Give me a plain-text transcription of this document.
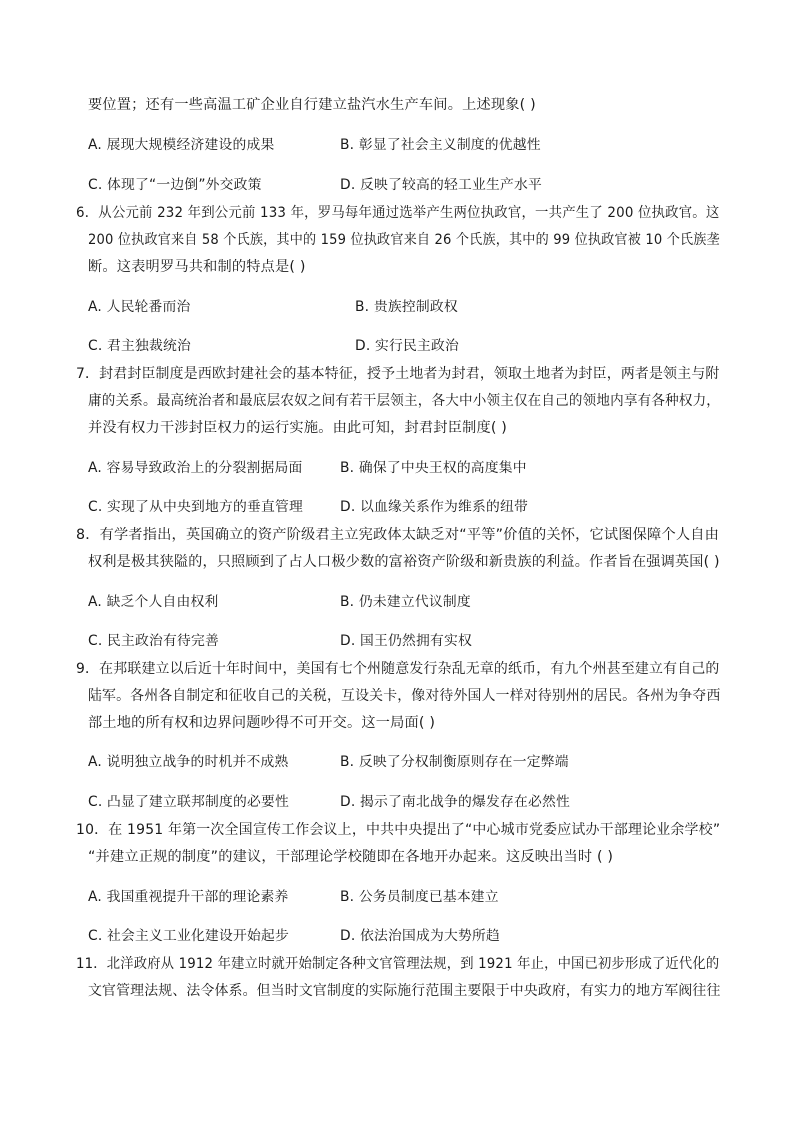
要位置；还有一些高温工矿企业自行建立盐汽水生产车间。上述现象( )
A. 展现大规模经济建设的成果	B. 彰显了社会主义制度的优越性
C. 体现了“一边倒”外交政策	D. 反映了较高的轻工业生产水平
6．从公元前 232 年到公元前 133 年，罗马每年通过选举产生两位执政官，一共产生了 200 位执政官。这
200 位执政官来自 58 个氏族，其中的 159 位执政官来自 26 个氏族，其中的 99 位执政官被 10 个氏族垄
断。这表明罗马共和制的特点是( )
A. 人民轮番而治	B. 贵族控制政权
C. 君主独裁统治	D. 实行民主政治
7．封君封臣制度是西欧封建社会的基本特征，授予土地者为封君，领取土地者为封臣，两者是领主与附
庸的关系。最高统治者和最底层农奴之间有若干层领主，各大中小领主仅在自己的领地内享有各种权力，
并没有权力干涉封臣权力的运行实施。由此可知，封君封臣制度( )
A. 容易导致政治上的分裂割据局面	B. 确保了中央王权的高度集中
C. 实现了从中央到地方的垂直管理	D. 以血缘关系作为维系的纽带
8．有学者指出，英国确立的资产阶级君主立宪政体太缺乏对“平等”价值的关怀，它试图保障个人自由
权利是极其狭隘的，只照顾到了占人口极少数的富裕资产阶级和新贵族的利益。作者旨在强调英国( )
A. 缺乏个人自由权利	B. 仍未建立代议制度
C. 民主政治有待完善	D. 国王仍然拥有实权
9．在邦联建立以后近十年时间中，美国有七个州随意发行杂乱无章的纸币，有九个州甚至建立有自己的
陆军。各州各自制定和征收自己的关税，互设关卡，像对待外国人一样对待别州的居民。各州为争夺西
部土地的所有权和边界问题吵得不可开交。这一局面( )
A. 说明独立战争的时机并不成熟	B. 反映了分权制衡原则存在一定弊端
C. 凸显了建立联邦制度的必要性	D. 揭示了南北战争的爆发存在必然性
10．在 1951 年第一次全国宣传工作会议上，中共中央提出了“中心城市党委应试办干部理论业余学校”
“并建立正规的制度”的建议，干部理论学校随即在各地开办起来。这反映出当时 ( )
A. 我国重视提升干部的理论素养	B. 公务员制度已基本建立
C. 社会主义工业化建设开始起步	D. 依法治国成为大势所趋
11．北洋政府从 1912 年建立时就开始制定各种文官管理法规，到 1921 年止，中国已初步形成了近代化的
文官管理法规、法令体系。但当时文官制度的实际施行范围主要限于中央政府，有实力的地方军阀往往
